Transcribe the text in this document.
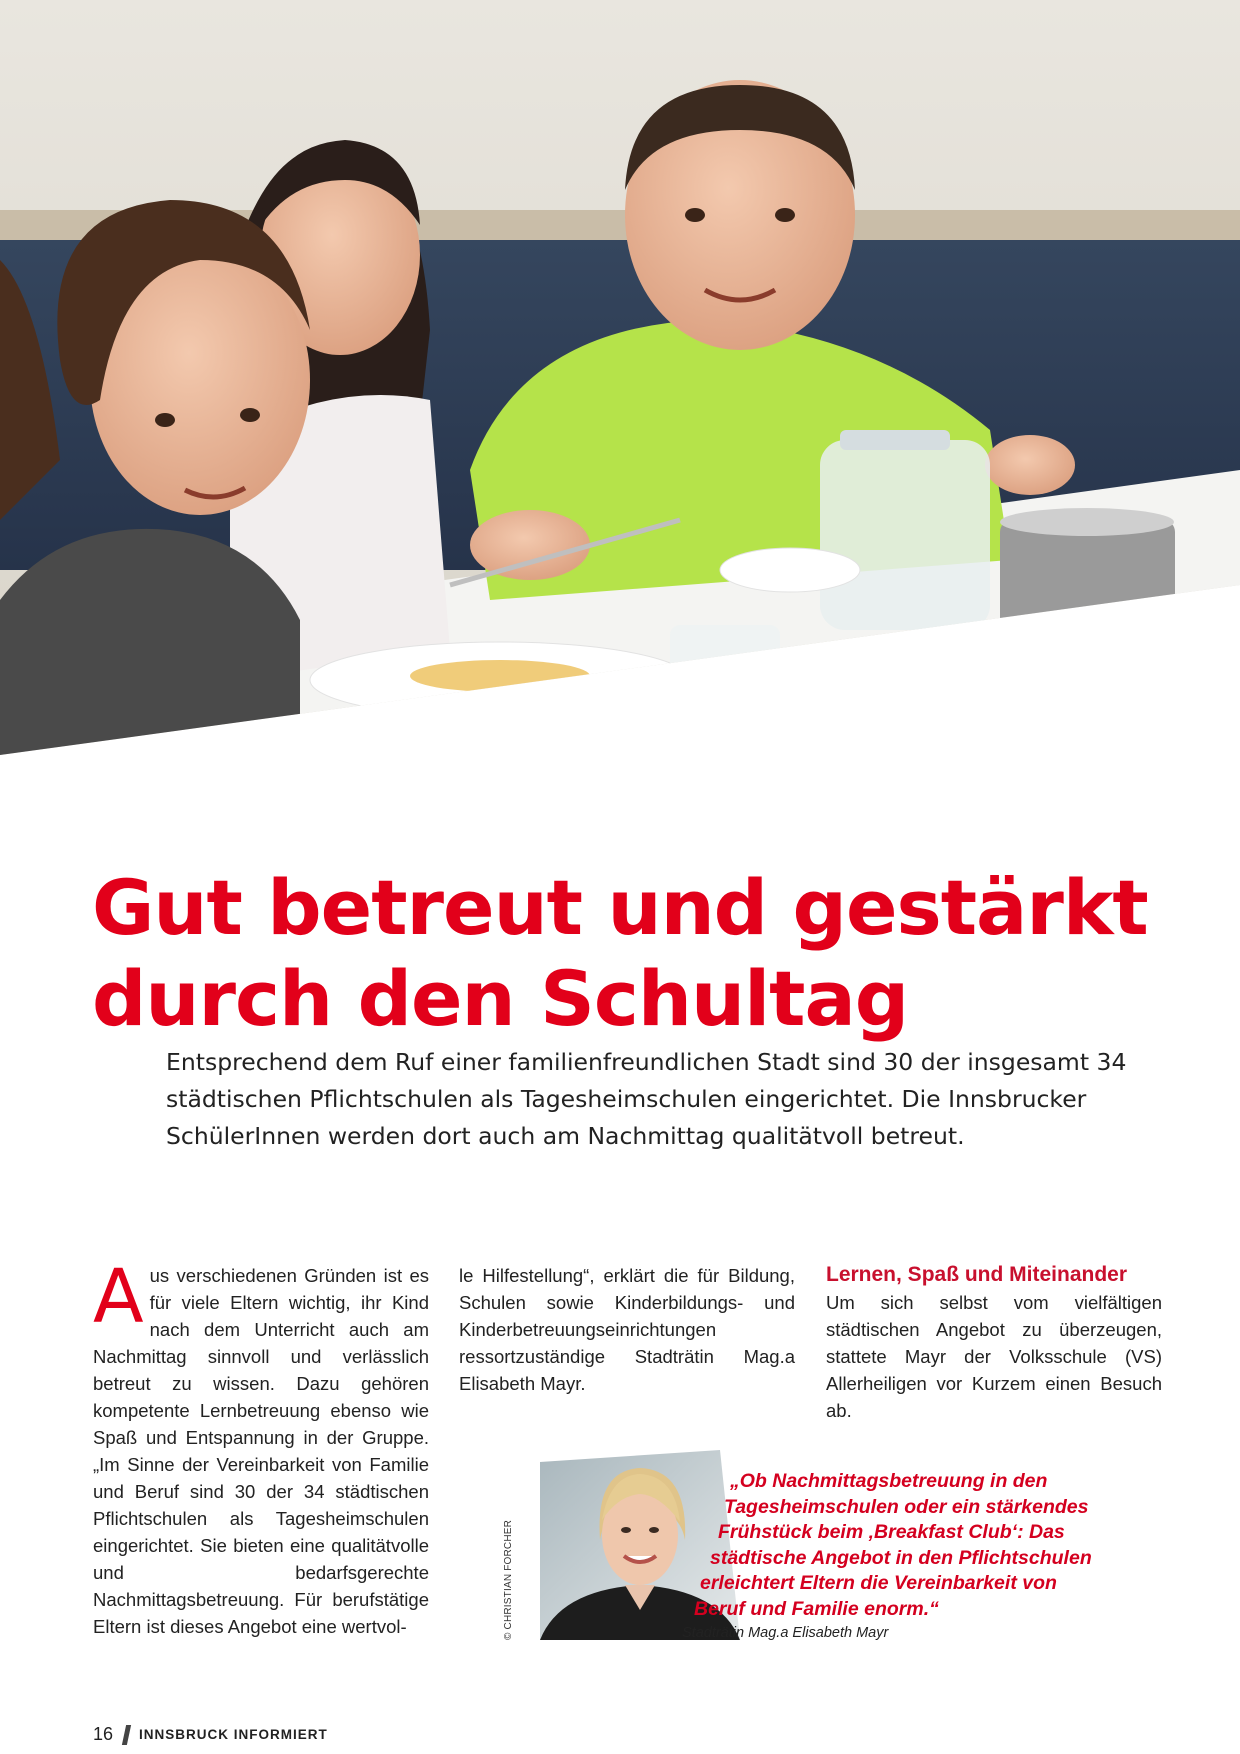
Gut betreut und gestärkt
durch den Schultag

Entsprechend dem Ruf einer familienfreundlichen Stadt sind 30 der insgesamt 34 städtischen Pflichtschulen als Tagesheimschulen eingerichtet. Die Innsbrucker SchülerInnen werden dort auch am Nachmittag qualitätvoll betreut.

Aus verschiedenen Gründen ist es für viele Eltern wichtig, ihr Kind nach dem Unterricht auch am Nachmittag sinnvoll und verlässlich betreut zu wissen. Dazu gehören kompetente Lernbetreuung ebenso wie Spaß und Entspannung in der Gruppe. „Im Sinne der Vereinbarkeit von Familie und Beruf sind 30 der 34 städtischen Pflichtschulen als Tagesheimschulen eingerichtet. Sie bieten eine qualitätvolle und bedarfsgerechte Nachmittagsbetreuung. Für berufstätige Eltern ist dieses Angebot eine wertvol-

le Hilfestellung“, erklärt die für Bildung, Schulen sowie Kinderbildungs- und Kinderbetreuungseinrichtungen ressortzuständige Stadträtin Mag.a Elisabeth Mayr.

Lernen, Spaß und Miteinander

Um sich selbst vom vielfältigen städtischen Angebot zu überzeugen, stattete Mayr der Volksschule (VS) Allerheiligen vor Kurzem einen Besuch ab.

© CHRISTIAN FORCHER

„Ob Nachmittagsbetreuung in den
Tagesheimschulen oder ein stärkendes
Frühstück beim ‚Breakfast Club‘: Das
städtische Angebot in den Pflichtschulen
erleichtert Eltern die Vereinbarkeit von
Beruf und Familie enorm.“

Stadträtin Mag.a Elisabeth Mayr

16 INNSBRUCK INFORMIERT
